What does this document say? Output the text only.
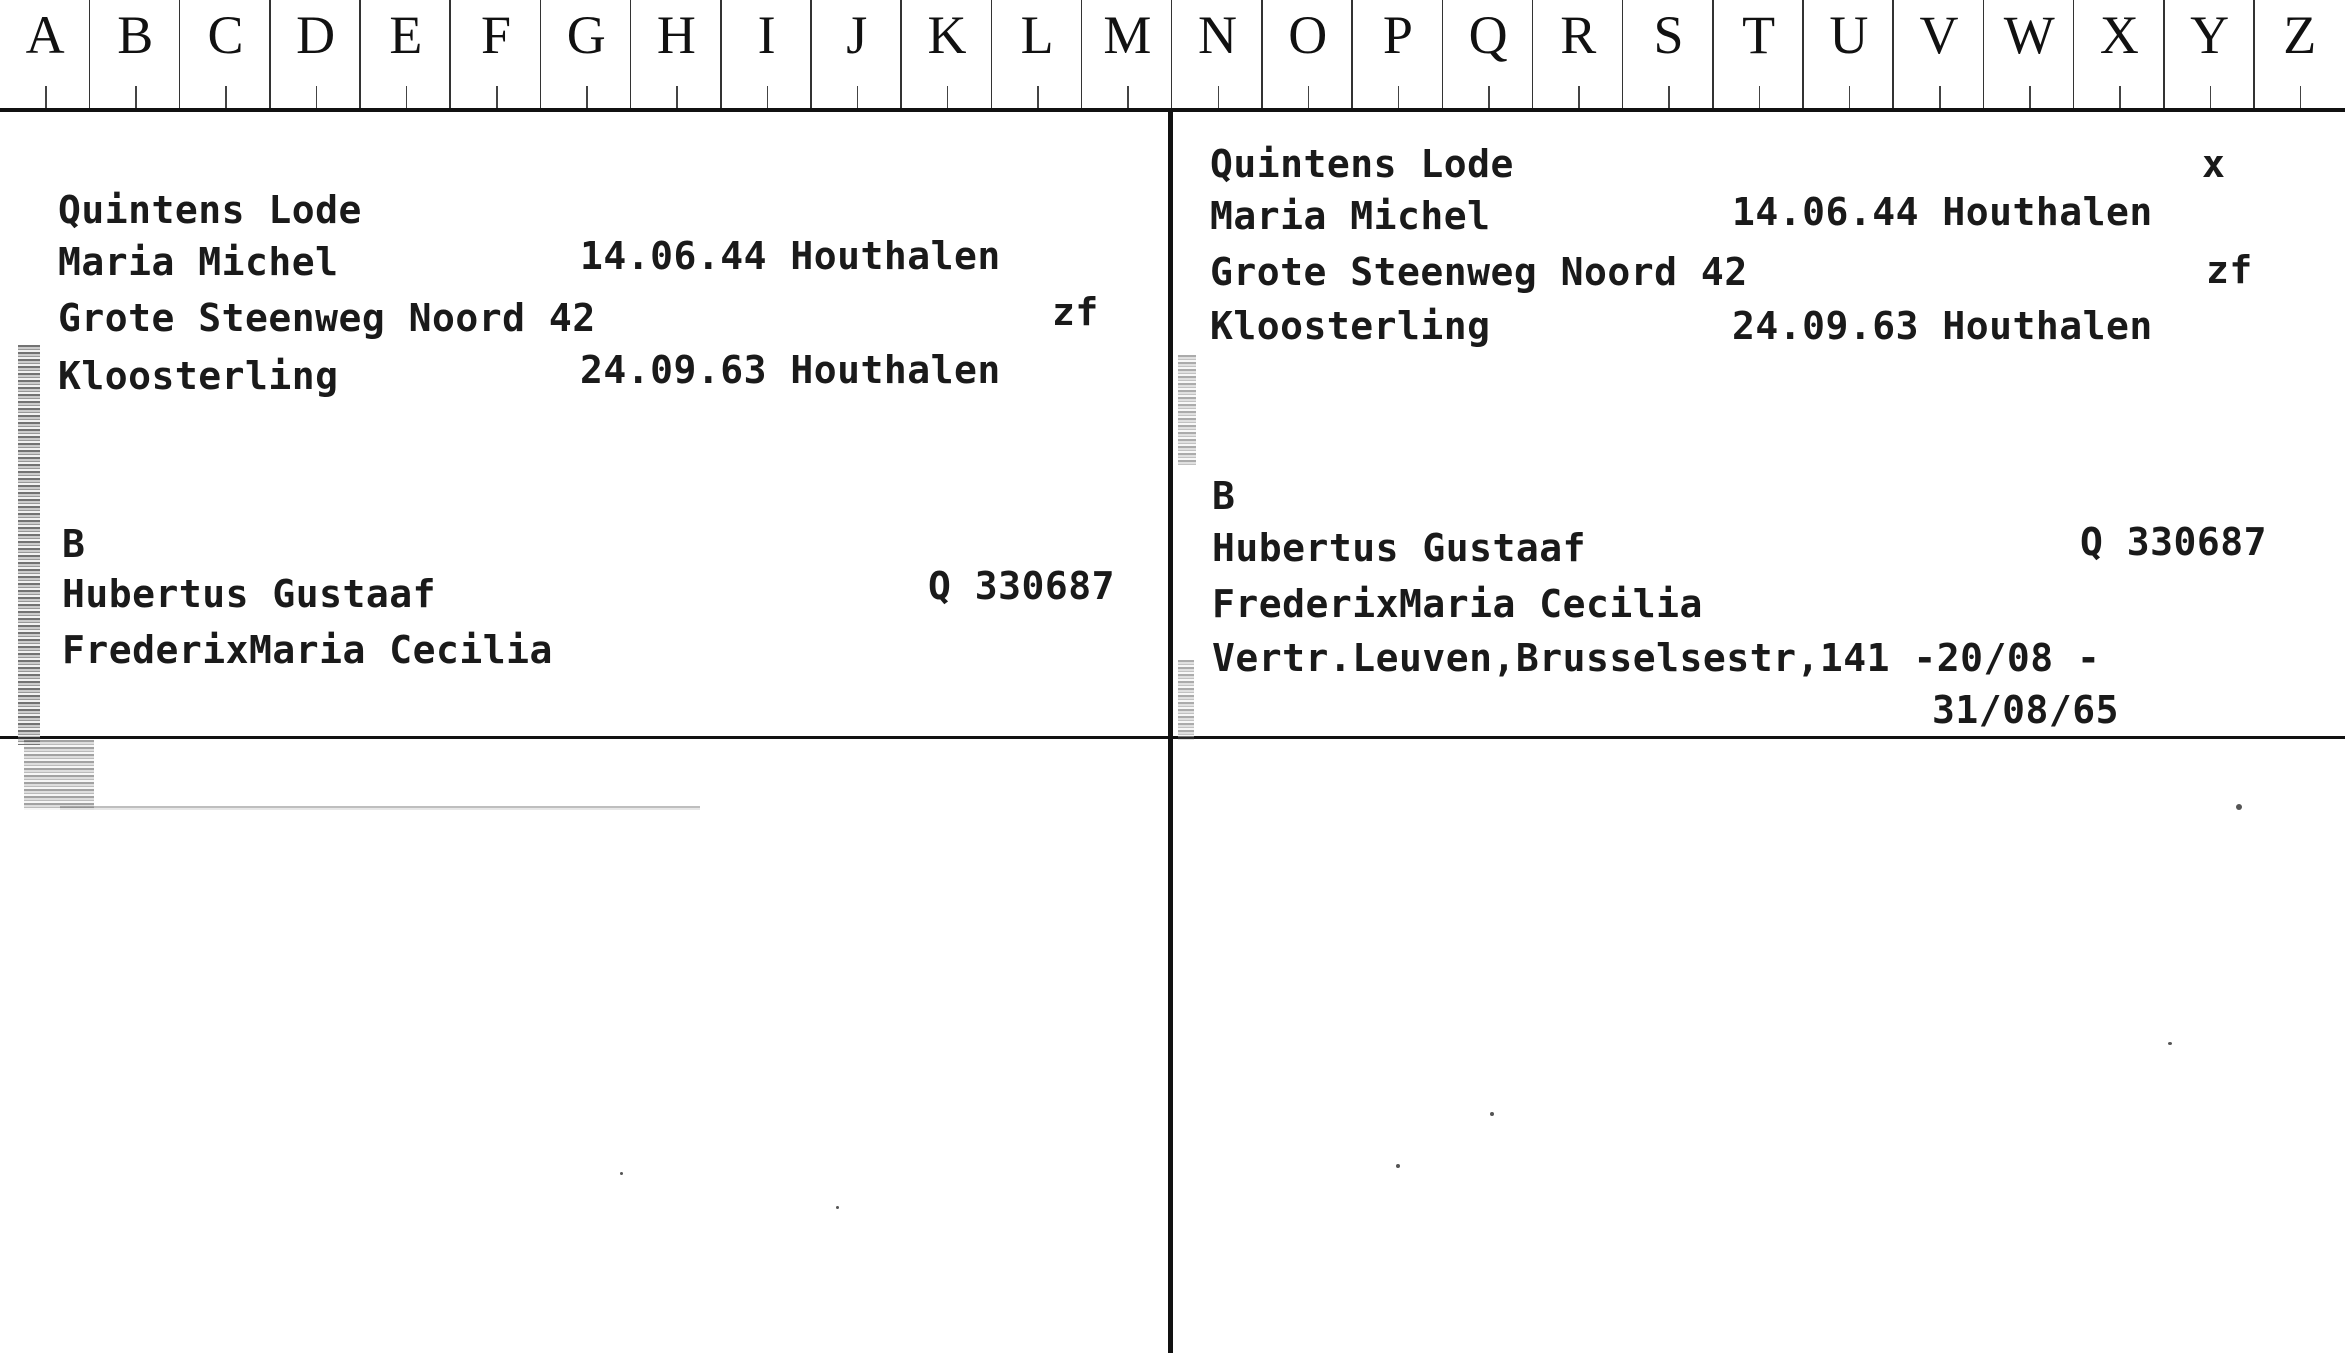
A B	C D	E	F	G H	I	J	K	L M N O	P	Q R	S	T	U V W X Y	Z
Quintens Lode
Maria Michel	14.06.44 Houthalen
Grote Steenweg Noord 42	zf
Kloosterling	24.09.63 Houthalen
B
Hubertus Gustaaf	Q 330687
FrederixMaria Cecilia
Quintens Lode	x
Maria Michel	14.06.44 Houthalen
Grote Steenweg Noord 42	zf
Kloosterling	24.09.63 Houthalen
B
Hubertus Gustaaf	Q 330687
FrederixMaria Cecilia
Vertr.Leuven,Brusselsestr,141 -20/08 -
31/08/65
